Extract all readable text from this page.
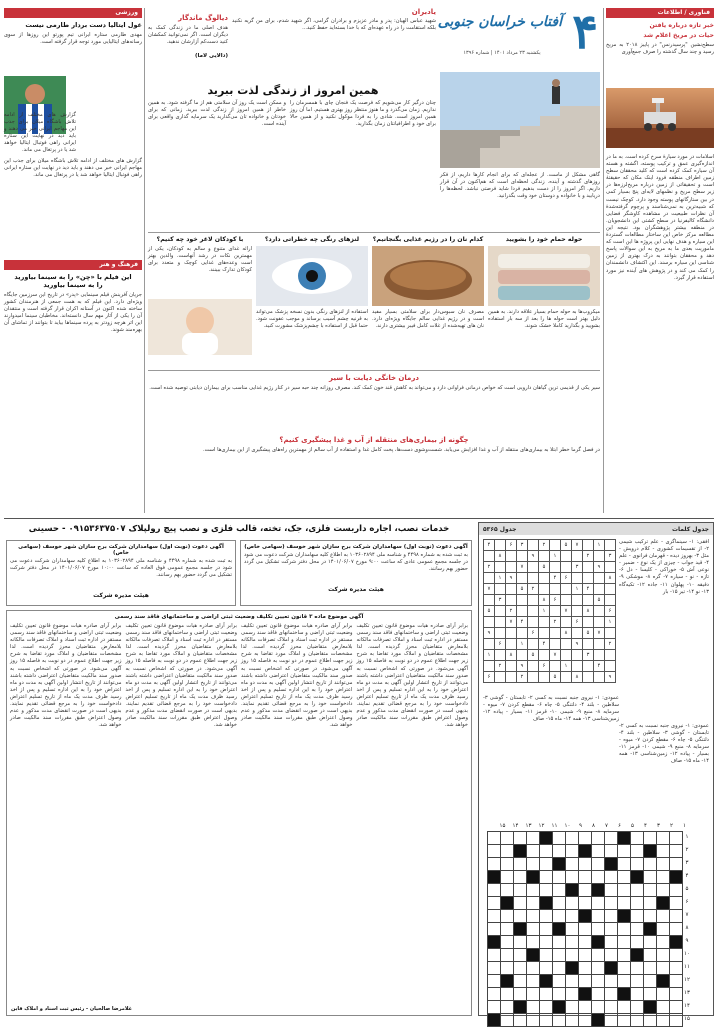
فناوری / اطلاعات
خبر تازه درباره یافتن
حیات در مریخ اعلام شد
سطح‌نشین "پرسیدرنس" در پاییز ۲۰۱۸ به مریخ رسید و چند سال گذشته را صرف جمع‌آوری
اسلامات در مورد سیارهٔ سرخ کرده است. به ما در اندازه‌گیری عمق و ترکیب پوسته، اگشته و هسته آن سیاره کمک کرده است که کلید محققان سطح زمین اطراف منطقه فرود اینک مکان که حقیقتهٔ است و تحقیقاتی از زمین درباره مریخ‌لرزه‌ها در زیر سطح مریخ و نظمهای لایه‌ای پنج بسیار کمی در بین ستارگانهای پوسته وجود دارد. کوچک نیست که شبیه‌ترین به نمی‌شناسند و پرچوم گرفته‌شدهٔ آن نظرات طبیعیت در مشاهده کاوشگر فضایی دانشگاه کالیفرنیا در سطح کشتی این دانشجویان. در منطقه بیشتر پژوهشگران بود. نتیجه این مطالعه مرکز خاص این ساختار مطالعات گستردهٔ این سیاره و هدف نهایی این پروژه ها این است که ماموریت بعدی ما به مریخ به این سوالات پاسخ دهد و محققان بتوانند به درک بهتری از زمین شناسی این سیاره برسند. این اکتشاف دانشمندان را کمک می کند و در پژوهش های آینده نیز مورد استفاده قرار گیرد.
۴
آفتاب خراسان جنوبی
یکشنبه ۲۳ مرداد ۱۴۰۱ | شماره ۱۳۹۶
یادبران
شهید عباس الهیان: پدر و مادر عزیزم و برادران گرامی، اگر شهید شدم، برای من گریه نکنید بلکه استقامت را در راه عهده‌ای که با خدا بسته‌اید حفظ کنید...
دیالوگ ماندگار
هدف اصلی ما در زندگی کمک به دیگران است. اگر نمی‌توانید کمکشان کنید دست‌کم آزارشان ندهید.
(دالایی لاما)
ورزشی
غول ایتالیا دست بردار طارمی نیست
مهدی طارمی ستاره ایرانی تیم پورتو این روزها از سوی رسانه‌های ایتالیایی مورد توجه قرار گرفته است.
گزارش های مختلف از ادامه تلاش باشگاه میلان برای جذب این مهاجم ایرانی خبر می دهند و باید دید در نهایت این ستاره ایرانی راهی فوتبال ایتالیا خواهد شد یا در پرتغال می ماند.
گزارش های مختلف از ادامه تلاش باشگاه میلان برای جذب این مهاجم ایرانی خبر می دهند و باید دید در نهایت این ستاره ایرانی راهی فوتبال ایتالیا خواهد شد یا در پرتغال می ماند.
فرهنگ و هنر
این فیلم با «چن» را به سینما بیاورید
را به سینما بیاورید
جریان آفرینش فیلم سینمایی «پدر» در تاریخ این سرزمین جایگاه ویژه‌ای دارد. این فیلم که به همت جمعی از هنرمندان کشور ساخته شده اکنون در آستانه اکران قرار گرفته است و منتقدان آن را یکی از آثار مهم سال دانسته‌اند. مخاطبان سینما امیدوارند این اثر هرچه زودتر به پرده سینماها بیاید تا بتوانند از تماشای آن بهره‌مند شوند.
همین امروز از زندگی لذت ببرید
گاهی مشکل از ماست. از عجله‌ای که برای انجام کارها داریم، از فکر روزهای گذشته و آینده. زندگی لحظه‌ای است که هم‌اکنون در آن قرار داریم. اگر امروز را از دست بدهیم فردا شاید فرصتی نباشد. لحظه‌ها را دریابید و با خانواده و دوستان خود وقت بگذرانید.
چنان درگیر کار می‌شویم که فرصت یک فنجان چای با همسرمان را نداریم. زمان می‌گذرد و ما هنوز منتظر روز بهتری هستیم. اما آن روز همین امروز است. شادی را به فردا موکول نکنید و از همین حالا برای خود و اطرافیانتان زمان بگذارید.
و ممکن است یک روز آن سلامتی هم از ما گرفته شود. به همین خاطر از همین امروز از زندگی لذت ببرید. زمانی که برای خودتان و خانواده تان می‌گذارید یک سرمایه گذاری واقعی برای آینده است.
حوله حمام خود را بشویید
میکروب‌ها به حوله حمام بسیار علاقه دارند. به همین دلیل بهتر است حوله ها را بعد از سه بار استفاده بشویید و بگذارید کاملا خشک شوند.
کدام نان را در رژیم غذایی بگنجانیم؟
مصرف نان سبوس‌دار برای سلامتی بسیار مفید است و در رژیم غذایی سالم جایگاه ویژه‌ای دارد. نان های تهیه‌شده از غلات کامل فیبر بیشتری دارند.
لنزهای رنگی چه خطراتی دارد؟
استفاده از لنزهای رنگی بدون نسخه پزشک می‌تواند به قرنیه چشم آسیب برساند و موجب عفونت شود. حتما قبل از استفاده با چشم‌پزشک مشورت کنید.
با کودکان لاغر خود چه کنیم؟
ارائه غذای متنوع و سالم به کودکان، یکی از مهمترین نکات در رشد آنهاست. والدین بهتر است وعده‌های غذایی کوچک و متعدد برای کودکان تدارک ببینند.
درمان خانگی دیابت با سیر
سیر یکی از قدیمی ترین گیاهان دارویی است که خواص درمانی فراوانی دارد و می‌تواند به کاهش قند خون کمک کند. مصرف روزانه چند حبه سیر در کنار رژیم غذایی مناسب برای بیماران دیابتی توصیه شده است.
چگونه از بیماری‌های منتقله از آب و غذا پیشگیری کنیم؟
در فصل گرما خطر ابتلا به بیماری‌های منتقله از آب و غذا افزایش می‌یابد. شست‌وشوی دست‌ها، پخت کامل غذا و استفاده از آب سالم از مهمترین راه‌های پیشگیری از این بیماری‌ها است.
خدمات نصب، اجاره داربست فلزی، جک، تخته، قالب فلزی و نصب پیچ رولپلاک ۰۹۱۵۳۶۳۷۵۰۷ - حسینی
آگهی دعوت (نوبت اول) سهامداران شرکت برج سازان شهر خوسف (سهامی خاص)
به ثبت شده به شماره ۴۴۹۸ و شناسه ملی ۱۰۳۶۰۲۸۹۴ به اطلاع کلیه سهامداران شرکت دعوت می شود در جلسه مجمع عمومی عادی که ساعت ۹:۰۰ مورخ ۱۴۰۱/۰۶/۰۷ در محل دفتر شرکت تشکیل می گردد حضور بهم رسانند.
هیئت مدیره شرکت
آگهی دعوت (نوبت اول) سهامداران شرکت برج سازان شهر خوسف (سهامی خاص)
به ثبت شده به شماره ۴۴۹۸ و شناسه ملی ۱۰۳۶۰۲۸۹۴ به اطلاع کلیه سهامداران شرکت دعوت می شود در جلسه مجمع عمومی فوق العاده که ساعت ۱۰:۰۰ مورخ ۱۴۰۱/۰۶/۰۷ در محل دفتر شرکت تشکیل می گردد حضور بهم رسانند.
هیئت مدیره شرکت
آگهی موضوع ماده ۳ قانون تعیین تکلیف وضعیت ثبتی اراضی و ساختمانهای فاقد سند رسمی
برابر آرای صادره هیات موضوع قانون تعیین تکلیف وضعیت ثبتی اراضی و ساختمانهای فاقد سند رسمی مستقر در اداره ثبت اسناد و املاک تصرفات مالکانه بلامعارض متقاضیان محرز گردیده است. لذا مشخصات متقاضیان و املاک مورد تقاضا به شرح زیر جهت اطلاع عموم در دو نوبت به فاصله ۱۵ روز آگهی می‌شود. در صورتی که اشخاص نسبت به صدور سند مالکیت متقاضیان اعتراضی داشته باشند می‌توانند از تاریخ انتشار اولین آگهی به مدت دو ماه اعتراض خود را به این اداره تسلیم و پس از اخذ رسید ظرف مدت یک ماه از تاریخ تسلیم اعتراض دادخواست خود را به مرجع قضائی تقدیم نمایند. بدیهی است در صورت انقضای مدت مذکور و عدم وصول اعتراض طبق مقررات سند مالکیت صادر خواهد شد.
برابر آرای صادره هیات موضوع قانون تعیین تکلیف وضعیت ثبتی اراضی و ساختمانهای فاقد سند رسمی مستقر در اداره ثبت اسناد و املاک تصرفات مالکانه بلامعارض متقاضیان محرز گردیده است. لذا مشخصات متقاضیان و املاک مورد تقاضا به شرح زیر جهت اطلاع عموم در دو نوبت به فاصله ۱۵ روز آگهی می‌شود. در صورتی که اشخاص نسبت به صدور سند مالکیت متقاضیان اعتراضی داشته باشند می‌توانند از تاریخ انتشار اولین آگهی به مدت دو ماه اعتراض خود را به این اداره تسلیم و پس از اخذ رسید ظرف مدت یک ماه از تاریخ تسلیم اعتراض دادخواست خود را به مرجع قضائی تقدیم نمایند. بدیهی است در صورت انقضای مدت مذکور و عدم وصول اعتراض طبق مقررات سند مالکیت صادر خواهد شد.
برابر آرای صادره هیات موضوع قانون تعیین تکلیف وضعیت ثبتی اراضی و ساختمانهای فاقد سند رسمی مستقر در اداره ثبت اسناد و املاک تصرفات مالکانه بلامعارض متقاضیان محرز گردیده است. لذا مشخصات متقاضیان و املاک مورد تقاضا به شرح زیر جهت اطلاع عموم در دو نوبت به فاصله ۱۵ روز آگهی می‌شود. در صورتی که اشخاص نسبت به صدور سند مالکیت متقاضیان اعتراضی داشته باشند می‌توانند از تاریخ انتشار اولین آگهی به مدت دو ماه اعتراض خود را به این اداره تسلیم و پس از اخذ رسید ظرف مدت یک ماه از تاریخ تسلیم اعتراض دادخواست خود را به مرجع قضائی تقدیم نمایند. بدیهی است در صورت انقضای مدت مذکور و عدم وصول اعتراض طبق مقررات سند مالکیت صادر خواهد شد.
برابر آرای صادره هیات موضوع قانون تعیین تکلیف وضعیت ثبتی اراضی و ساختمانهای فاقد سند رسمی مستقر در اداره ثبت اسناد و املاک تصرفات مالکانه بلامعارض متقاضیان محرز گردیده است. لذا مشخصات متقاضیان و املاک مورد تقاضا به شرح زیر جهت اطلاع عموم در دو نوبت به فاصله ۱۵ روز آگهی می‌شود. در صورتی که اشخاص نسبت به صدور سند مالکیت متقاضیان اعتراضی داشته باشند می‌توانند از تاریخ انتشار اولین آگهی به مدت دو ماه اعتراض خود را به این اداره تسلیم و پس از اخذ رسید ظرف مدت یک ماه از تاریخ تسلیم اعتراض دادخواست خود را به مرجع قضائی تقدیم نمایند. بدیهی است در صورت انقضای مدت مذکور و عدم وصول اعتراض طبق مقررات سند مالکیت صادر خواهد شد.
غلامرضا صالحیان - رئیس ثبت اسناد و املاک قاین
جدول کلمات
جدول ۵۳۶۵
۴		۶	۳		۲		۵	۷		۱	
	۸			۹		۱			۲		۳
۲			۷		۵			۳		۹	
	۱	۹				۴	۶				۸
۷			۵	۲				۱	۴		
	۳				۸	۶				۵	
۵		۲			۱		۷		۸		۶
		۷	۴			۲		۶			۱
۹				۶			۸		۵	۷	
	۶		۱		۴			۹			۲
۱		۸		۵		۷			۳		
	۲		۹		۶		۱			۴	
۶			۲			۵		۸			۹
افقی: ۱- سینماگری - علم ترکیب شیمی ۲- از تقسیمات کشوری - کلام درویش - مثل ۳- بهروز دیده - قهرمان فرانوی - علم ۴- قید جواب - چیزی از یک نوع - ضمیر - نوعی آش ۵- خوراکی - کلیسا - دل ۶- تازه - نو - سیاره ۷- گره ۸- موشکی ۹- دقیقه ۱۰- پهلوان ۱۱- جاده ۱۲- تکیه‌گاه ۱۳- نو ۱۴- تیر ۱۵- بار
عمودی: ۱- نیروی جنبه نسبت به کسی ۲- تابستان - گوشی ۳- سلاطین - بلند ۴- دلتنگی ۵- چاه ۶- مقطع کردن ۷- میوه - سرمایه ۸- منبع ۹- شیمی ۱۰- قرمز ۱۱- بسیار - پیاده ۱۲- زمین‌شناسی ۱۳- همه ۱۴- ماه ۱۵- صاف
عمودی: ۱- نیروی جنبه نسبت به کسی ۲- تابستان - گوشی ۳- سلاطین - بلند ۴- دلتنگی ۵- چاه ۶- مقطع کردن ۷- میوه - سرمایه ۸- منبع ۹- شیمی ۱۰- قرمز ۱۱- بسیار - پیاده ۱۲- زمین‌شناسی ۱۳- همه ۱۴- ماه ۱۵- صاف
۱
۲
۳
۴
۵
۶
۷
۸
۹
۱۰
۱۱
۱۲
۱۳
۱۴
۱۵
۱
۲
۳
۴
۵
۶
۷
۸
۹
۱۰
۱۱
۱۲
۱۳
۱۴
۱۵
